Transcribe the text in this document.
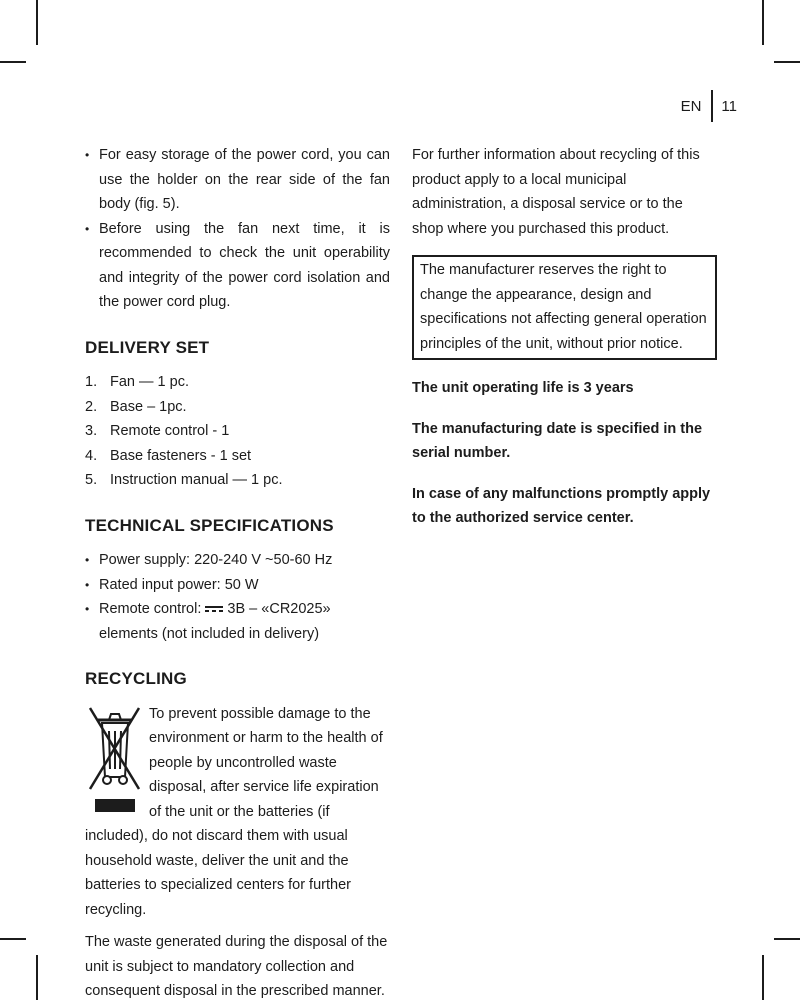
EN 11
• For easy storage of the power cord, you can use the holder on the rear side of the fan body (fig. 5).
• Before using the fan next time, it is recommended to check the unit operability and integrity of the power cord isolation and the power cord plug.
DELIVERY SET
1. Fan — 1 pc.
2. Base – 1pc.
3. Remote control - 1
4. Base fasteners - 1 set
5. Instruction manual — 1 pc.
TECHNICAL SPECIFICATIONS
• Power supply: 220-240 V ~50-60 Hz
• Rated input power: 50 W
• Remote control: 3B – «CR2025» elements (not included in delivery)
RECYCLING

To prevent possible damage to the environment or harm to the health of people by uncontrolled waste disposal, after service life expiration of the unit or the batteries (if included), do not discard them with usual household waste, deliver the unit and the batteries to specialized centers for further recycling.

The waste generated during the disposal of the unit is subject to mandatory collection and consequent disposal in the prescribed manner.

For further information about recycling of this product apply to a local municipal administration, a disposal service or to the shop where you purchased this product.

The manufacturer reserves the right to change the appearance, design and specifications not affecting general operation principles of the unit, without prior notice.

The unit operating life is 3 years

The manufacturing date is specified in the serial number.

In case of any malfunctions promptly apply to the authorized service center.
